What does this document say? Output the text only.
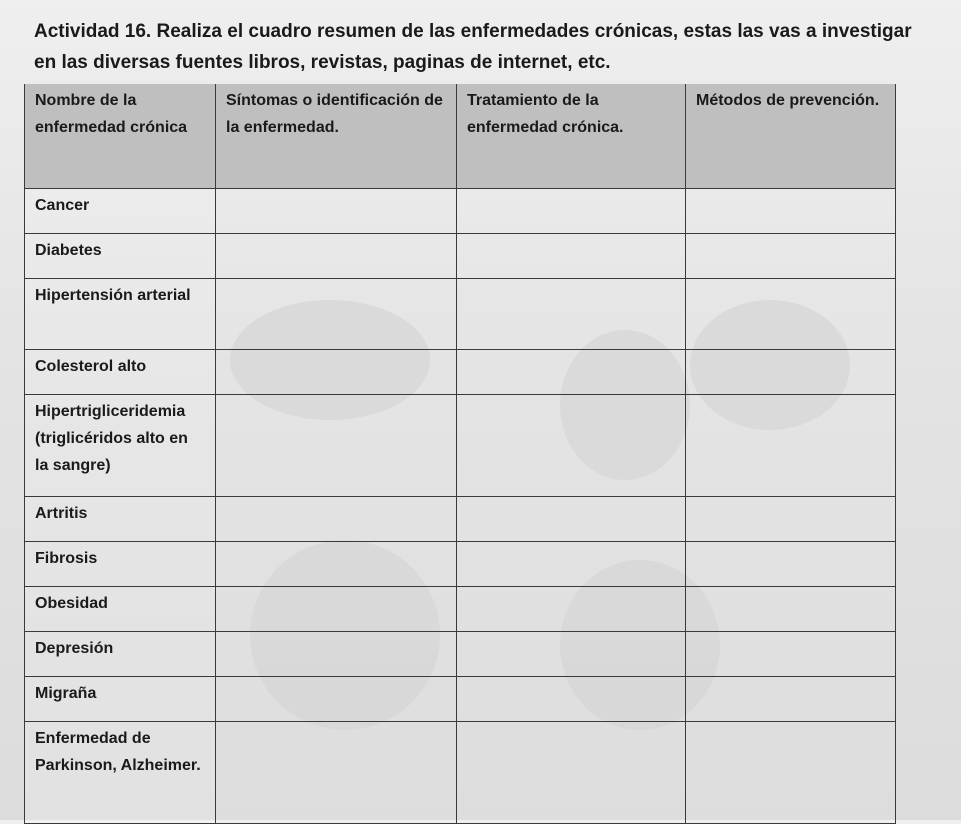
Actividad 16. Realiza el cuadro resumen de las enfermedades crónicas, estas las vas a investigar en las diversas fuentes libros, revistas, paginas de internet, etc.

Nombre de la enfermedad crónica	Síntomas o identificación de la enfermedad.	Tratamiento de la enfermedad crónica.	Métodos de prevención.
Cancer			
Diabetes			
Hipertensión arterial			
Colesterol alto			
Hipertrigliceridemia (triglicéridos alto en la sangre)			
Artritis			
Fibrosis			
Obesidad			
Depresión			
Migraña			
Enfermedad de Parkinson, Alzheimer.			
